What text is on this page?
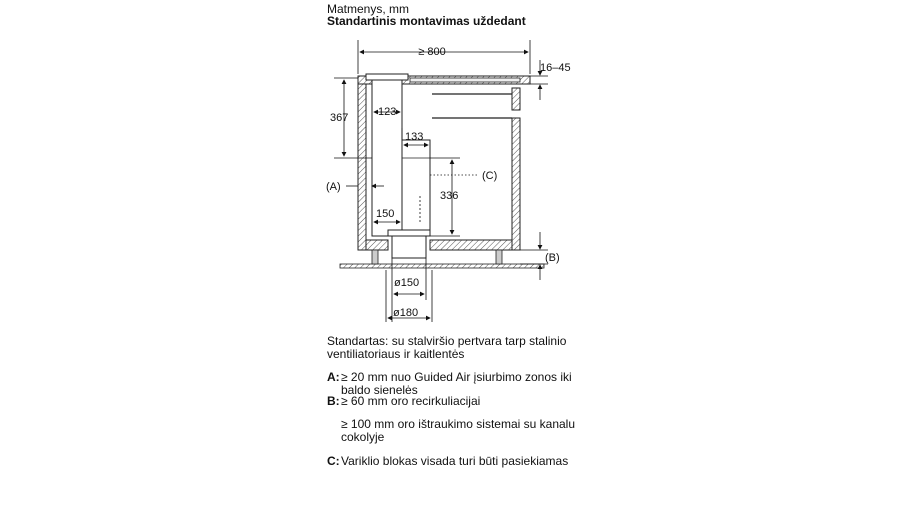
Matmenys, mm
Standartinis montavimas uždedant
≥ 800
16–45
367	123
133
336
150
ø150
ø180
(A)
(B)
(C)
Standartas: su stalviršio pertvara tarp stalinio ventiliatoriaus ir kaitlentės
A: ≥ 20 mm nuo Guided Air įsiurbimo zonos iki baldo sienelės
B: ≥ 60 mm oro recirkuliacijai
≥ 100 mm oro ištraukimo sistemai su kanalu cokolyje
C: Variklio blokas visada turi būti pasiekiamas
